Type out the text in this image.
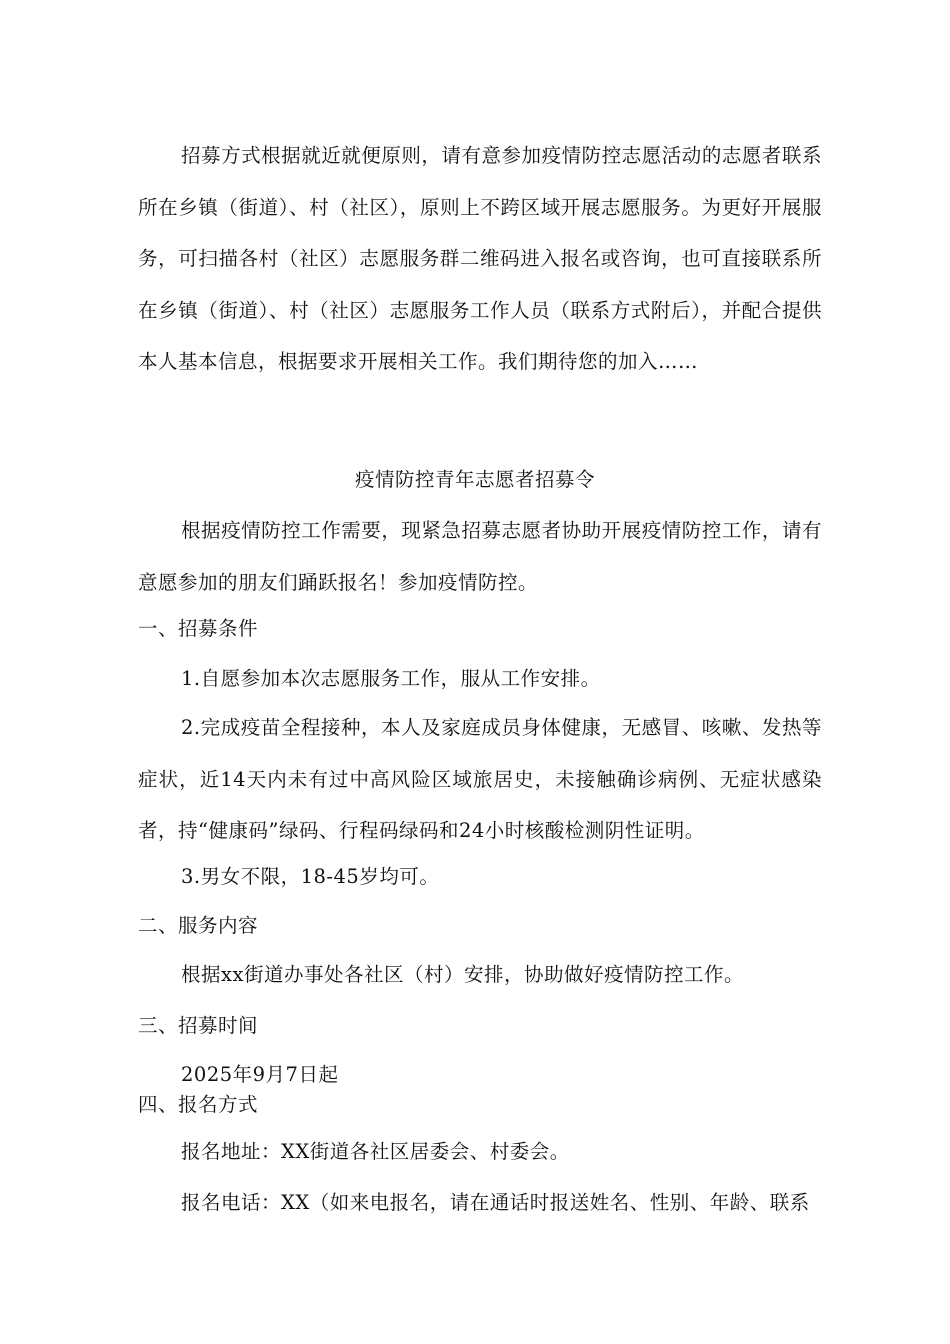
招募方式根据就近就便原则，请有意参加疫情防控志愿活动的志愿者联系所在乡镇（街道）、村（社区），原则上不跨区域开展志愿服务。为更好开展服务，可扫描各村（社区）志愿服务群二维码进入报名或咨询，也可直接联系所在乡镇（街道）、村（社区）志愿服务工作人员（联系方式附后），并配合提供本人基本信息，根据要求开展相关工作。我们期待您的加入……

疫情防控青年志愿者招募令

根据疫情防控工作需要，现紧急招募志愿者协助开展疫情防控工作，请有意愿参加的朋友们踊跃报名！参加疫情防控。

一、招募条件

1.自愿参加本次志愿服务工作，服从工作安排。

2.完成疫苗全程接种，本人及家庭成员身体健康，无感冒、咳嗽、发热等症状，近14天内未有过中高风险区域旅居史，未接触确诊病例、无症状感染者，持“健康码”绿码、行程码绿码和24小时核酸检测阴性证明。

3.男女不限，18-45岁均可。

二、服务内容

根据xx街道办事处各社区（村）安排，协助做好疫情防控工作。

三、招募时间

2025年9月7日起

四、报名方式

报名地址：XX街道各社区居委会、村委会。

报名电话：XX（如来电报名，请在通话时报送姓名、性别、年龄、联系
